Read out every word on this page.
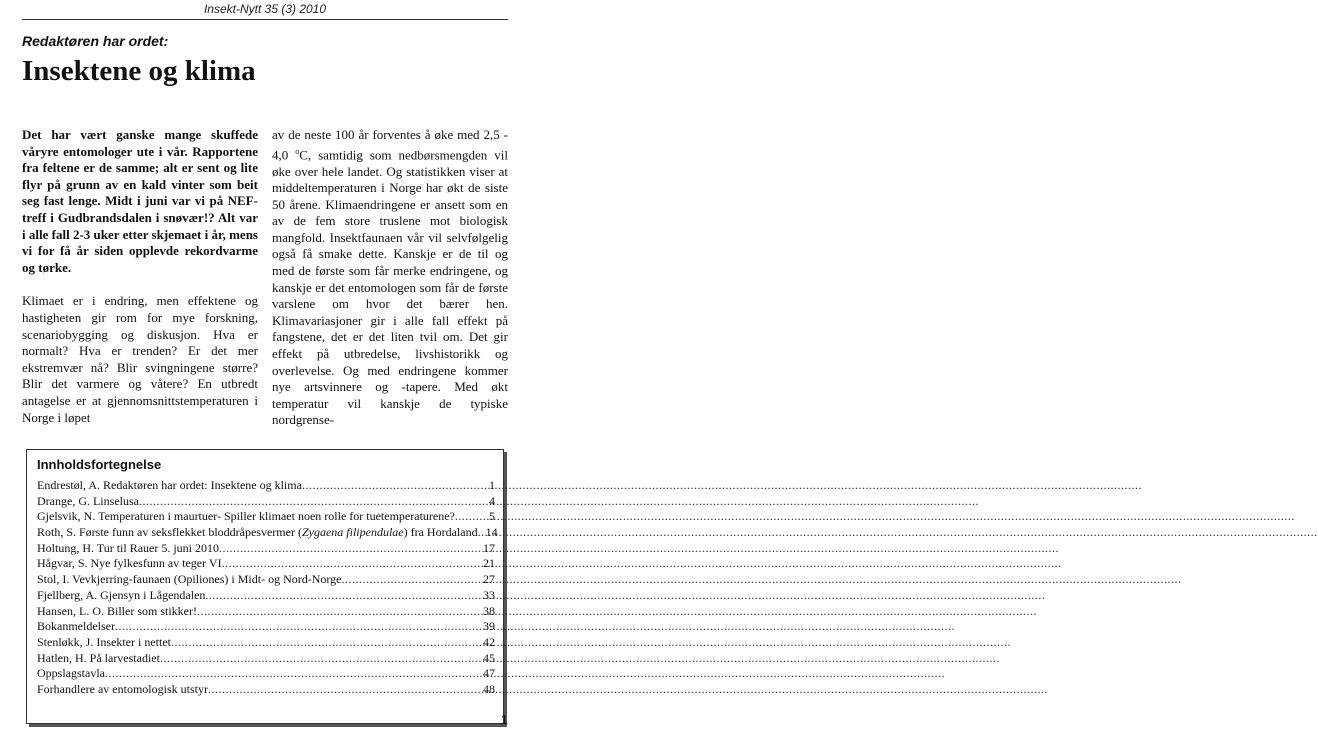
Insekt-Nytt 35 (3) 2010
Redaktøren har ordet:
Insektene og klima

Det har vært ganske mange skuffede våryre entomologer ute i vår. Rapportene fra feltene er de samme; alt er sent og lite flyr på grunn av en kald vinter som beit seg fast lenge. Midt i juni var vi på NEF-treff i Gudbrandsdalen i snøvær!? Alt var i alle fall 2-3 uker etter skjemaet i år, mens vi for få år siden opplevde rekordvarme og tørke.

Klimaet er i endring, men effektene og hastigheten gir rom for mye forskning, scenariobygging og diskusjon. Hva er normalt? Hva er trenden? Er det mer ekstremvær nå? Blir svingningene større? Blir det varmere og våtere? En utbredt antagelse er at gjennomsnittstemperaturen i Norge i løpet

av de neste 100 år forventes å øke med 2,5 - 4,0 $^o$C, samtidig som nedbørsmengden vil øke over hele landet. Og statistikken viser at middeltemperaturen i Norge har økt de siste 50 årene. Klimaendringene er ansett som en av de fem store truslene mot biologisk mangfold. Insektfaunaen vår vil selvfølgelig også få smake dette. Kanskje er de til og med de første som får merke endringene, og kanskje er det entomologen som får de første varslene om hvor det bærer hen. Klimavariasjoner gir i alle fall effekt på fangstene, det er det liten tvil om. Det gir effekt på utbredelse, livshistorikk og overlevelse. Og med endringene kommer nye artsvinnere og -tapere. Med økt temperatur vil kanskje de typiske nordgrense-

Innholdsfortegnelse
Endrestøl, A. Redaktøren har ordet: Insektene og klima .....	1
Drange, G. Linselusa .....	4
Gjelsvik, N. Temperaturen i maurtuer- Spiller klimaet noen rolle for tuetemperaturene? .....	5
Roth, S. Første funn av seksflekket bloddråpesvermer (Zygaena filipendulae) fra Hordaland ..... 14
Holtung, H. Tur til Rauer 5. juni 2010 .....	17
Hågvar, S. Nye fylkesfunn av teger VI .....	21
Stol, I. Vevkjerring-faunaen (Opiliones) i Midt- og Nord-Norge .....	27
Fjellberg, A. Gjensyn i Lågendalen .....	33
Hansen, L. O. Biller som stikker! .....	38
Bokanmeldelser .....	39
Stenløkk, J. Insekter i nettet .....	42
Hatlen, H. På larvestadiet .....	45
Oppslagstavla .....	47
Forhandlere av entomologisk utstyr .....	48
1
